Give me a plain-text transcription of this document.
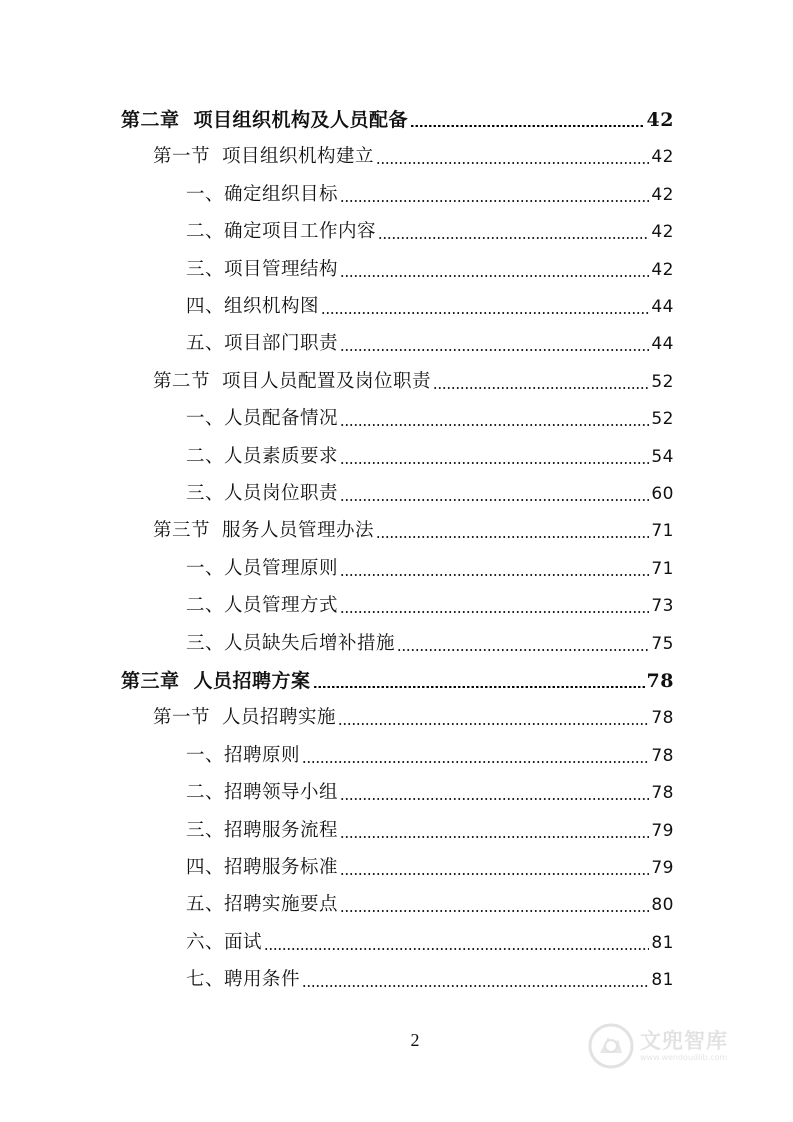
第二章 项目组织机构及人员配备	42
第一节 项目组织机构建立	42
一、确定组织目标	42
二、确定项目工作内容	42
三、项目管理结构	42
四、组织机构图	44
五、项目部门职责	44
第二节 项目人员配置及岗位职责	52
一、人员配备情况	52
二、人员素质要求	54
三、人员岗位职责	60
第三节 服务人员管理办法	71
一、人员管理原则	71
二、人员管理方式	73
三、人员缺失后增补措施	75
第三章 人员招聘方案	78
第一节 人员招聘实施	78
一、招聘原则	78
二、招聘领导小组	78
三、招聘服务流程	79
四、招聘服务标准	79
五、招聘实施要点	80
六、面试	81
七、聘用条件	81
2	文兜智库
www.wendoudlib.com
